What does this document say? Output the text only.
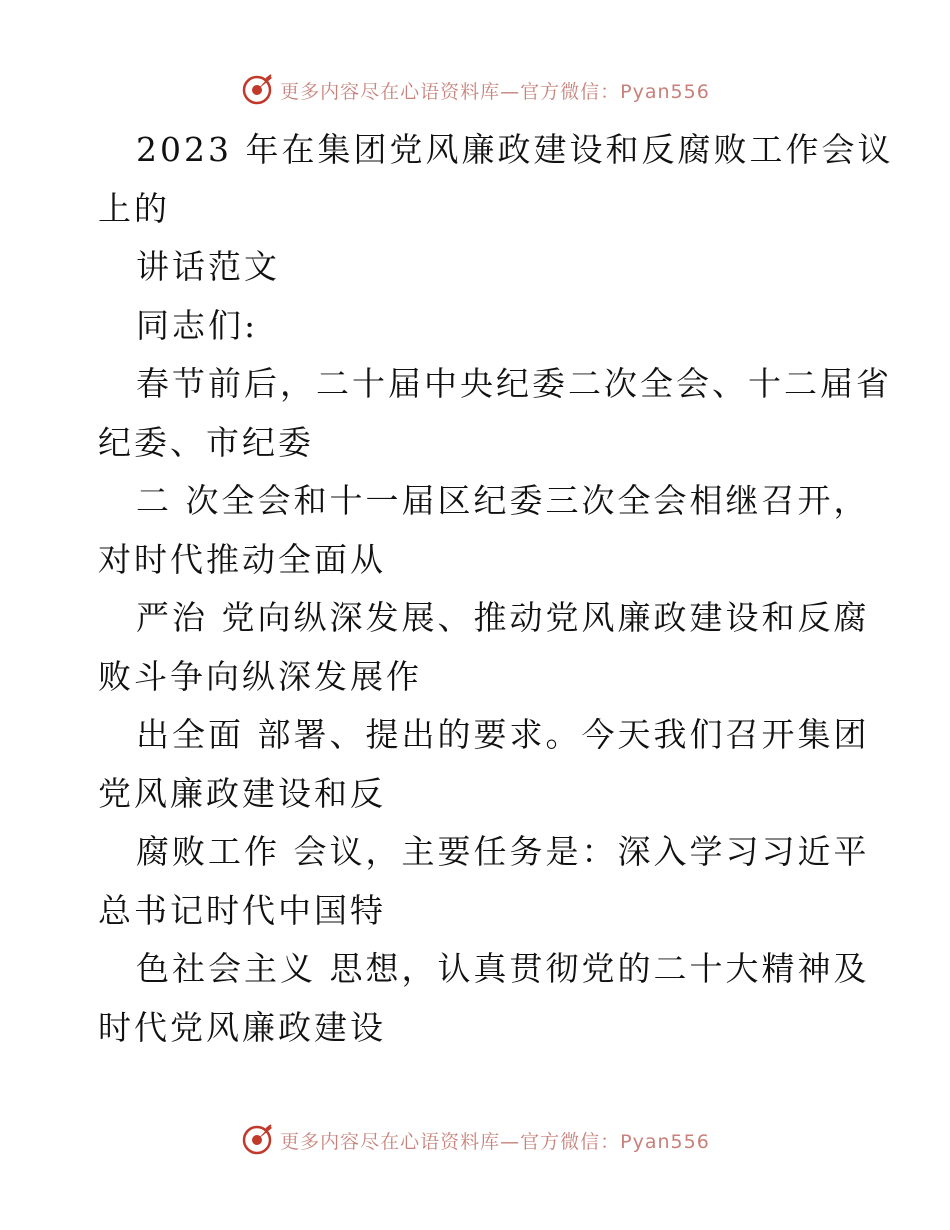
更多内容尽在心语资料库—官方微信：Pyan556
2023 年在集团党风廉政建设和反腐败工作会议
上的
讲话范文
同志们:
春节前后，二十届中央纪委二次全会、十二届省
纪委、市纪委
二 次全会和十一届区纪委三次全会相继召开，
对时代推动全面从
严治 党向纵深发展、推动党风廉政建设和反腐
败斗争向纵深发展作
出全面 部署、提出的要求。今天我们召开集团
党风廉政建设和反
腐败工作 会议，主要任务是：深入学习习近平
总书记时代中国特
色社会主义 思想，认真贯彻党的二十大精神及
时代党风廉政建设
更多内容尽在心语资料库—官方微信：Pyan556
